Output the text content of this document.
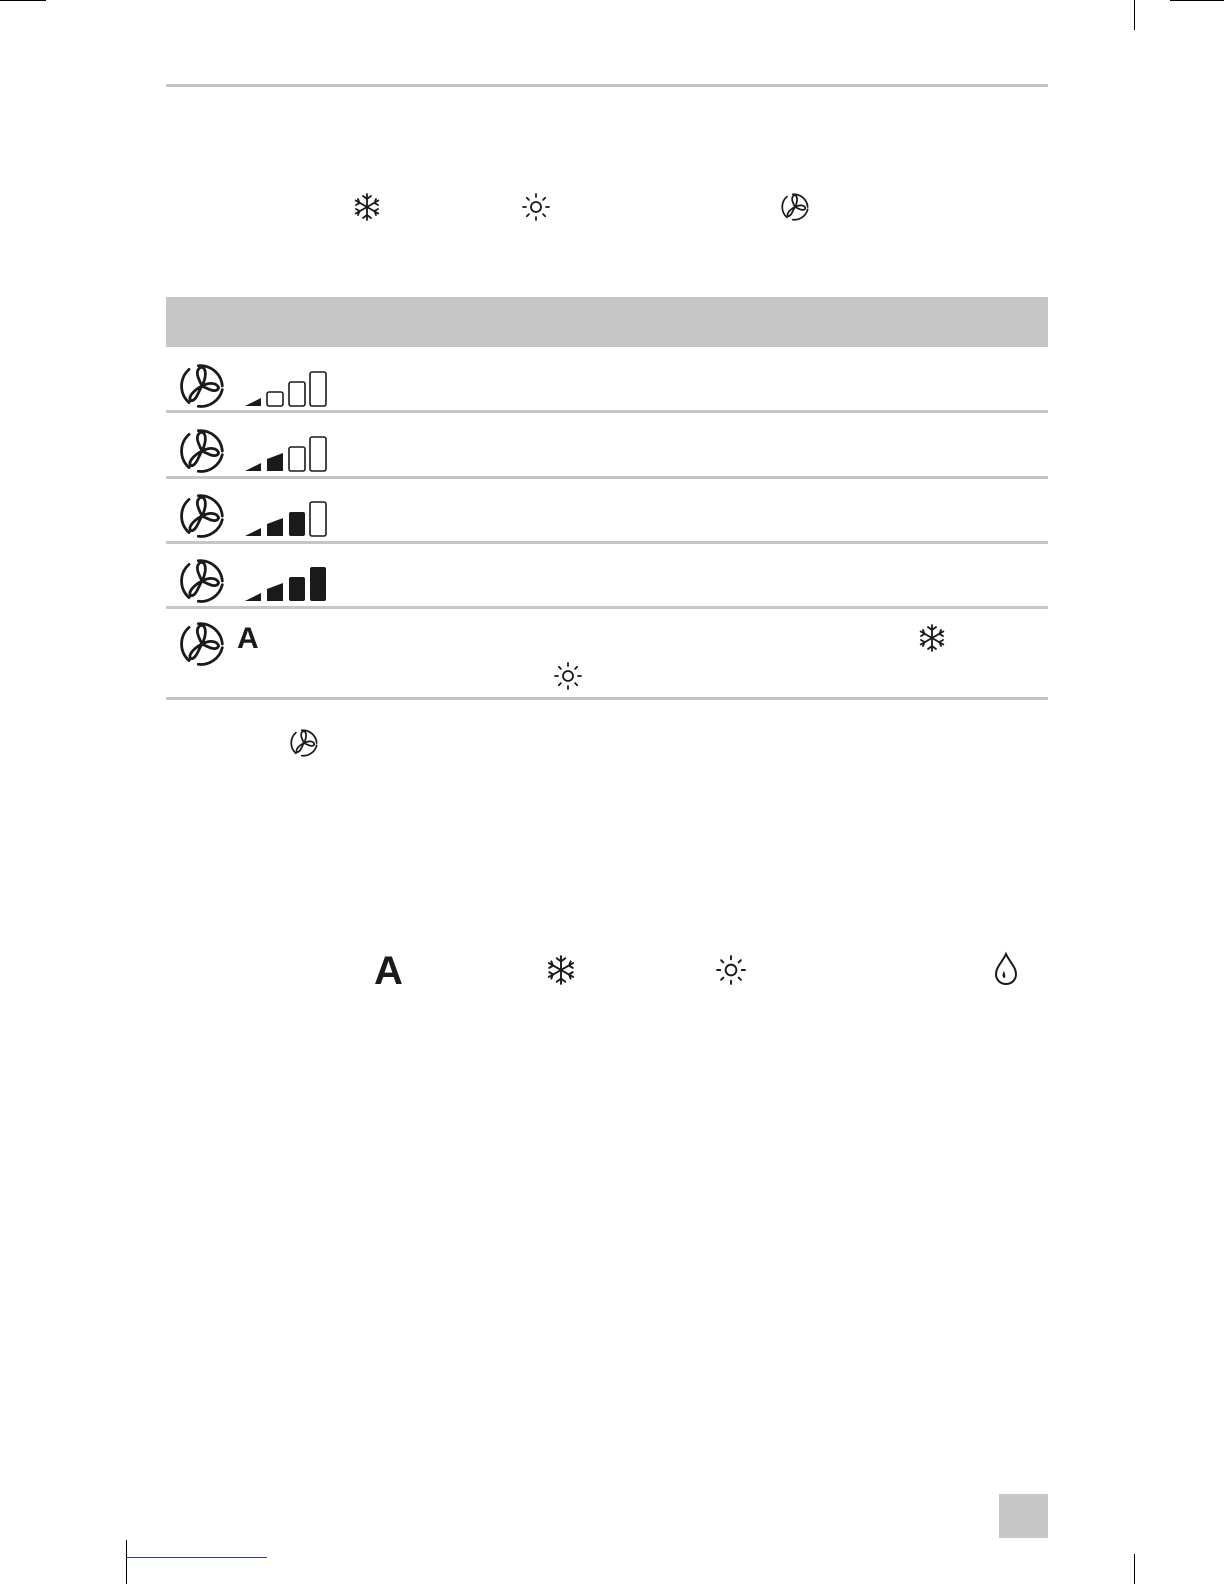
A
A
